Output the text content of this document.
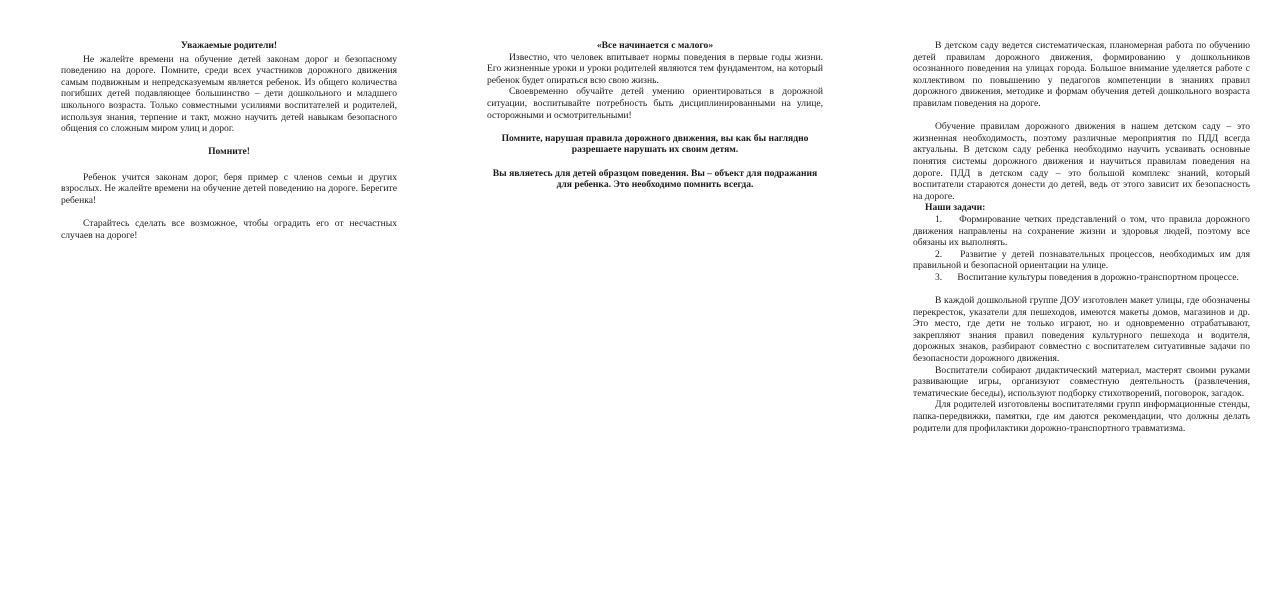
Уважаемые родители!

Не жалейте времени на обучение детей законам дорог и безопасному поведению на дороге. Помните, среди всех участников дорожного движения самым подвижным и непредсказуемым является ребенок. Из общего количества погибших детей подавляющее большинство – дети дошкольного и младшего школьного возраста. Только совместными усилиями воспитателей и родителей, используя знания, терпение и такт, можно научить детей навыкам безопасного общения со сложным миром улиц и дорог.

Помните!

Ребенок учится законам дорог, беря пример с членов семьи и других взрослых. Не жалейте времени на обучение детей поведению на дороге. Берегите ребенка!

Старайтесь сделать все возможное, чтобы оградить его от несчастных случаев на дороге!

«Все начинается с малого»

Известно, что человек впитывает нормы поведения в первые годы жизни. Его жизненные уроки и уроки родителей являются тем фундаментом, на который ребенок будет опираться всю свою жизнь.

Своевременно обучайте детей умению ориентироваться в дорожной ситуации, воспитывайте потребность быть дисциплинированными на улице, осторожными и осмотрительными!

Помните, нарушая правила дорожного движения, вы как бы наглядно разрешаете нарушать их своим детям.

Вы являетесь для детей образцом поведения. Вы – объект для подражания для ребенка. Это необходимо помнить всегда.

В детском саду ведется систематическая, планомерная работа по обучению детей правилам дорожного движения, формированию у дошкольников осознанного поведения на улицах города. Большое внимание уделяется работе с коллективом по повышению у педагогов компетенции в знаниях правил дорожного движения, методике и формам обучения детей дошкольного возраста правилам поведения на дороге.

Обучение правилам дорожного движения в нашем детском саду – это жизненная необходимость, поэтому различные мероприятия по ПДД всегда актуальны. В детском саду ребенка необходимо научить усваивать основные понятия системы дорожного движения и научиться правилам поведения на дороге. ПДД в детском саду – это большой комплекс знаний, который воспитатели стараются донести до детей, ведь от этого зависит их безопасность на дороге.

Наши задачи:

1. Формирование четких представлений о том, что правила дорожного движения направлены на сохранение жизни и здоровья людей, поэтому все обязаны их выполнять.

2. Развитие у детей познавательных процессов, необходимых им для правильной и безопасной ориентации на улице.

3. Воспитание культуры поведения в дорожно-транспортном процессе.

В каждой дошкольной группе ДОУ изготовлен макет улицы, где обозначены перекресток, указатели для пешеходов, имеются макеты домов, магазинов и др. Это место, где дети не только играют, но и одновременно отрабатывают, закрепляют знания правил поведения культурного пешехода и водителя, дорожных знаков, разбирают совместно с воспитателем ситуативные задачи по безопасности дорожного движения.

Воспитатели собирают дидактический материал, мастерят своими руками развивающие игры, организуют совместную деятельность (развлечения, тематические беседы), используют подборку стихотворений, поговорок, загадок.

Для родителей изготовлены воспитателями групп информационные стенды, папка-передвижки, памятки, где им даются рекомендации, что должны делать родители для профилактики дорожно-транспортного травматизма.
